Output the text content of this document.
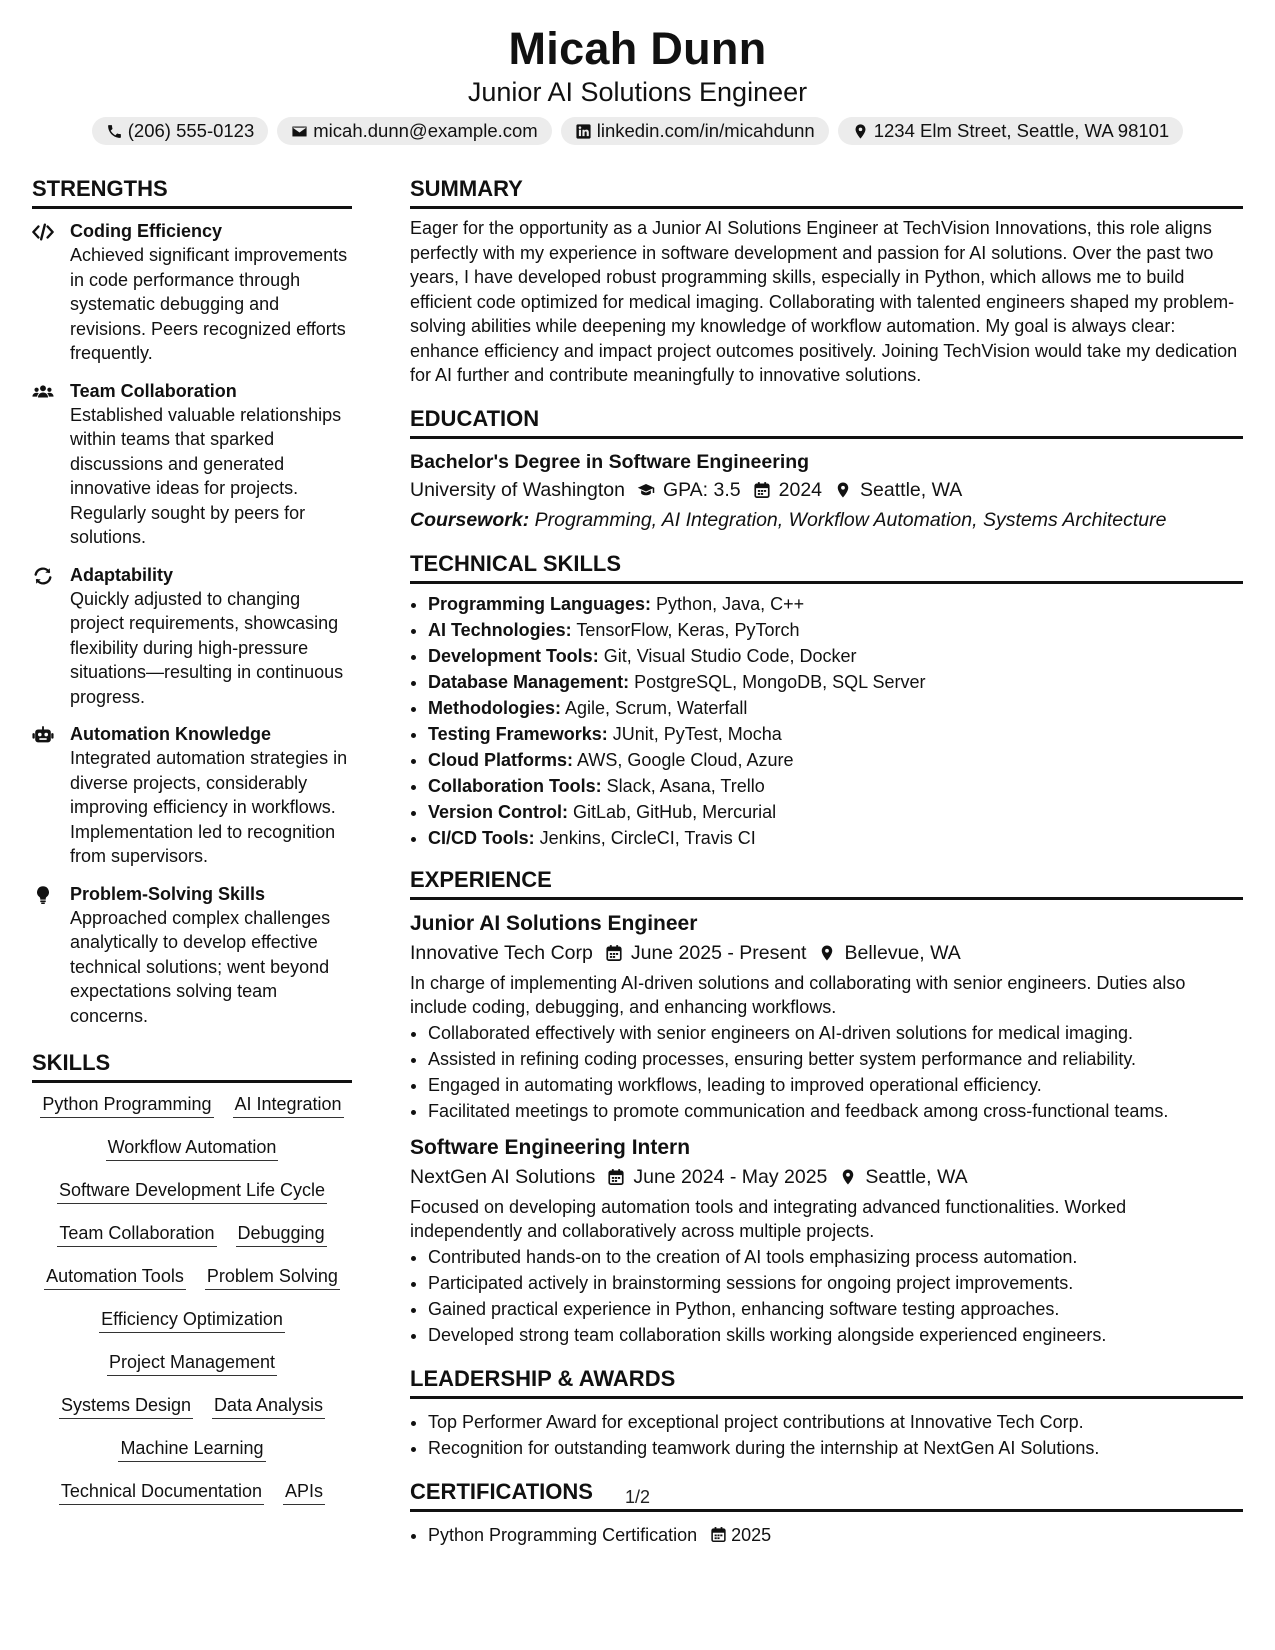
Micah Dunn
Junior AI Solutions Engineer
(206) 555-0123	micah.dunn@example.com	linkedin.com/in/micahdunn	1234 Elm Street, Seattle, WA 98101
STRENGTHS
Coding Efficiency
Achieved significant improvements in code performance through systematic debugging and revisions. Peers recognized efforts frequently.
Team Collaboration
Established valuable relationships within teams that sparked discussions and generated innovative ideas for projects. Regularly sought by peers for solutions.
Adaptability
Quickly adjusted to changing project requirements, showcasing flexibility during high-pressure situations—resulting in continuous progress.
Automation Knowledge
Integrated automation strategies in diverse projects, considerably improving efficiency in workflows. Implementation led to recognition from supervisors.
Problem-Solving Skills
Approached complex challenges analytically to develop effective technical solutions; went beyond expectations solving team concerns.
SKILLS
Python Programming AI Integration
Workflow Automation
Software Development Life Cycle
Team Collaboration Debugging
Automation Tools Problem Solving
Efficiency Optimization
Project Management
Systems Design Data Analysis
Machine Learning
Technical Documentation APIs
SUMMARY
Eager for the opportunity as a Junior AI Solutions Engineer at TechVision Innovations, this role aligns perfectly with my experience in software development and passion for AI solutions. Over the past two years, I have developed robust programming skills, especially in Python, which allows me to build efficient code optimized for medical imaging. Collaborating with talented engineers shaped my problem-solving abilities while deepening my knowledge of workflow automation. My goal is always clear: enhance efficiency and impact project outcomes positively. Joining TechVision would take my dedication for AI further and contribute meaningfully to innovative solutions.
EDUCATION
Bachelor's Degree in Software Engineering
University of Washington GPA: 3.5 2024 Seattle, WA
Coursework: Programming, AI Integration, Workflow Automation, Systems Architecture
TECHNICAL SKILLS
• Programming Languages: Python, Java, C++
• AI Technologies: TensorFlow, Keras, PyTorch
• Development Tools: Git, Visual Studio Code, Docker
• Database Management: PostgreSQL, MongoDB, SQL Server
• Methodologies: Agile, Scrum, Waterfall
• Testing Frameworks: JUnit, PyTest, Mocha
• Cloud Platforms: AWS, Google Cloud, Azure
• Collaboration Tools: Slack, Asana, Trello
• Version Control: GitLab, GitHub, Mercurial
• CI/CD Tools: Jenkins, CircleCI, Travis CI
EXPERIENCE
Junior AI Solutions Engineer
Innovative Tech Corp June 2025 - Present Bellevue, WA
In charge of implementing AI-driven solutions and collaborating with senior engineers. Duties also include coding, debugging, and enhancing workflows.
• Collaborated effectively with senior engineers on AI-driven solutions for medical imaging.
• Assisted in refining coding processes, ensuring better system performance and reliability.
• Engaged in automating workflows, leading to improved operational efficiency.
• Facilitated meetings to promote communication and feedback among cross-functional teams.
Software Engineering Intern
NextGen AI Solutions June 2024 - May 2025 Seattle, WA
Focused on developing automation tools and integrating advanced functionalities. Worked independently and collaboratively across multiple projects.
• Contributed hands-on to the creation of AI tools emphasizing process automation.
• Participated actively in brainstorming sessions for ongoing project improvements.
• Gained practical experience in Python, enhancing software testing approaches.
• Developed strong team collaboration skills working alongside experienced engineers.
LEADERSHIP & AWARDS
• Top Performer Award for exceptional project contributions at Innovative Tech Corp.
• Recognition for outstanding teamwork during the internship at NextGen AI Solutions.
CERTIFICATIONS
• Python Programming Certification 2025
1/2
